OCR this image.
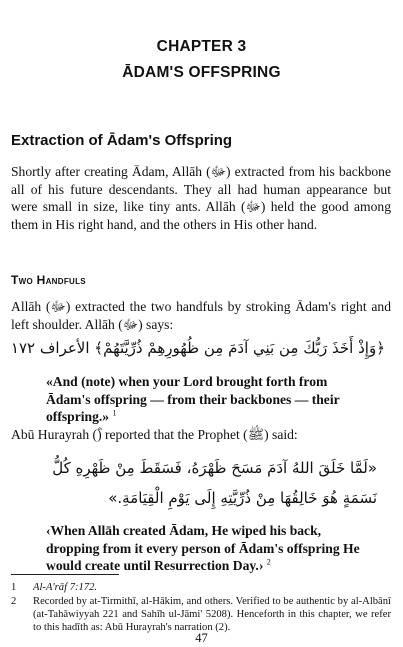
CHAPTER 3
ĀDAM'S OFFSPRING
Extraction of Ādam's Offspring
Shortly after creating Ādam, Allāh (ﷻ) extracted from his backbone all of his future descendants. They all had human appearance but were small in size, like tiny ants. Allāh (ﷻ) held the good among them in His right hand, and the others in His other hand.
Two Handfuls
Allāh (ﷻ) extracted the two handfuls by stroking Ādam's right and left shoulder. Allāh (ﷻ) says:
﴿وَإِذْ أَخَذَ رَبُّكَ مِن بَنِي آدَمَ مِن ظُهُورِهِمْ ذُرِّيَّتَهُمْ﴾ الأعراف ١٧٢
«And (note) when your Lord brought forth from Ādam's offspring — from their backbones — their offspring.» $^1$
Abū Hurayrah (ؓ) reported that the Prophet (ﷺ) said:
«لَمَّا خَلَقَ اللهُ آدَمَ مَسَحَ ظَهْرَهُ، فَسَقَطَ مِنْ ظَهْرِهِ كُلُّ نَسَمَةٍ هُوَ خَالِقُهَا مِنْ ذُرِّيَّتِهِ إِلَى يَوْمِ الْقِيَامَةِ.»
‹When Allāh created Ādam, He wiped his back, dropping from it every person of Ādam's offspring He would create until Resurrection Day.› $^2$
1	Al-A'rāf 7:172.
2	Recorded by at-Tirmithī, al-Hākim, and others. Verified to be authentic by al-Albānī (at-Tahāwiyyah 221 and Sahīh ul-Jāmi' 5208). Henceforth in this chapter, we refer to this hadīth as: Abū Hurayrah's narration (2).
47
